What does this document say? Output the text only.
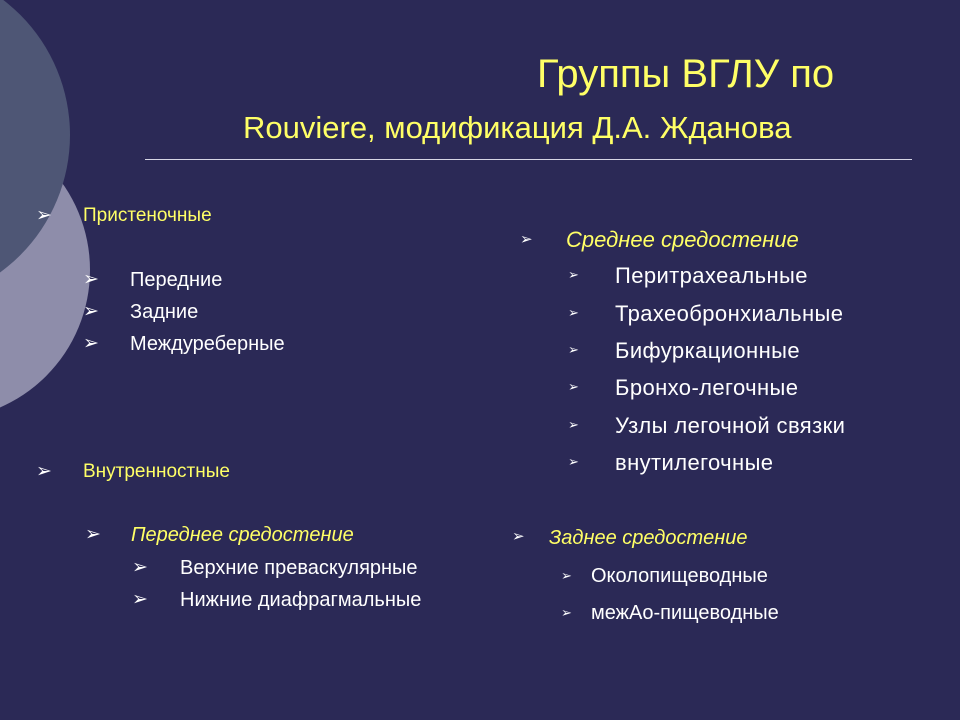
Группы ВГЛУ по
Rouviere, модификация Д.А. Жданова
➢ Пристеночные
➢ Передние
➢ Задние
➢ Междуреберные
➢ Внутренностные
➢ Переднее средостение
➢ Верхние преваскулярные
➢ Нижние диафрагмальные
➢ Среднее средостение
➢ Перитрахеальные
➢ Трахеобронхиальные
➢ Бифуркационные
➢ Бронхо-легочные
➢ Узлы легочной связки
➢ внутилегочные
➢ Заднее средостение
➢ Околопищеводные
➢ межАо-пищеводные
